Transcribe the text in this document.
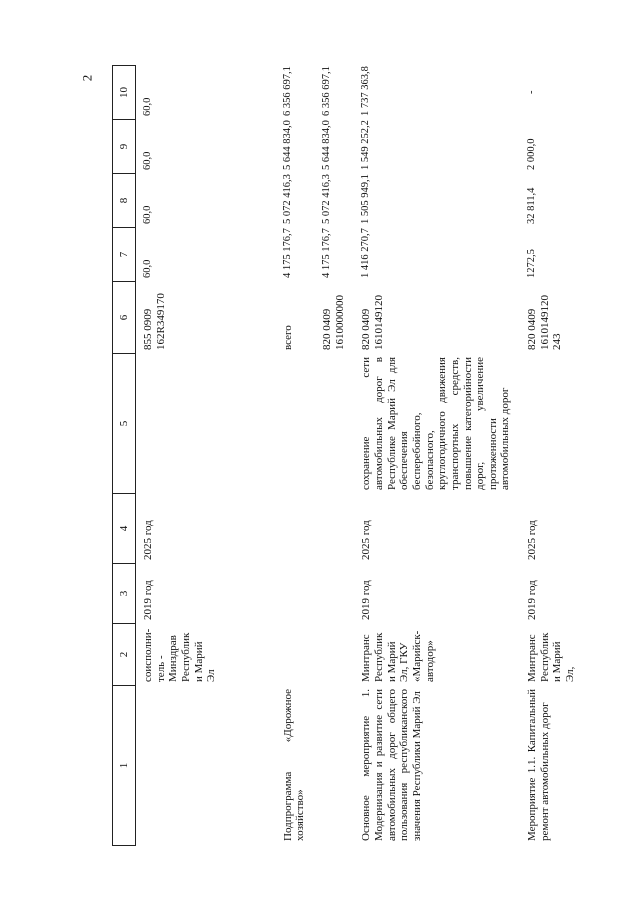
2
1	2	3	4	5	6	7	8	9	10
	соисполни-тель - Минздрав Республики Марий Эл	2019 год	2025 год		855 0909 162R349170	60,0	60,0	60,0	60,0
Подпрограмма «Дорожное хозяйство»					всего	4 175 176,7	5 072 416,3	5 644 834,0	6 356 697,1
					820 0409 1610000000	4 175 176,7	5 072 416,3	5 644 834,0	6 356 697,1
Основное мероприятие 1. Модернизация и развитие сети автомобильных дорог общего пользования республиканского значения Республики Марий Эл	Минтранс Республики Марий Эл, ГКУ «Марийск-автодор»	2019 год	2025 год	сохранение сети автомобильных дорог в Республике Марий Эл для обеспечения бесперебойного, безопасного, круглогодичного движения транспортных средств, повышение категорийности дорог, увеличение протяженности автомобильных дорог	820 0409 1610149120	1 416 270,7	1 505 949,1	1 549 252,2	1 737 363,8
Мероприятие 1.1. Капитальный ремонт автомобильных дорог	Минтранс Республики Марий Эл,	2019 год	2025 год		820 0409 1610149120 243	1272,5	32 811,4	2 000,0	-
